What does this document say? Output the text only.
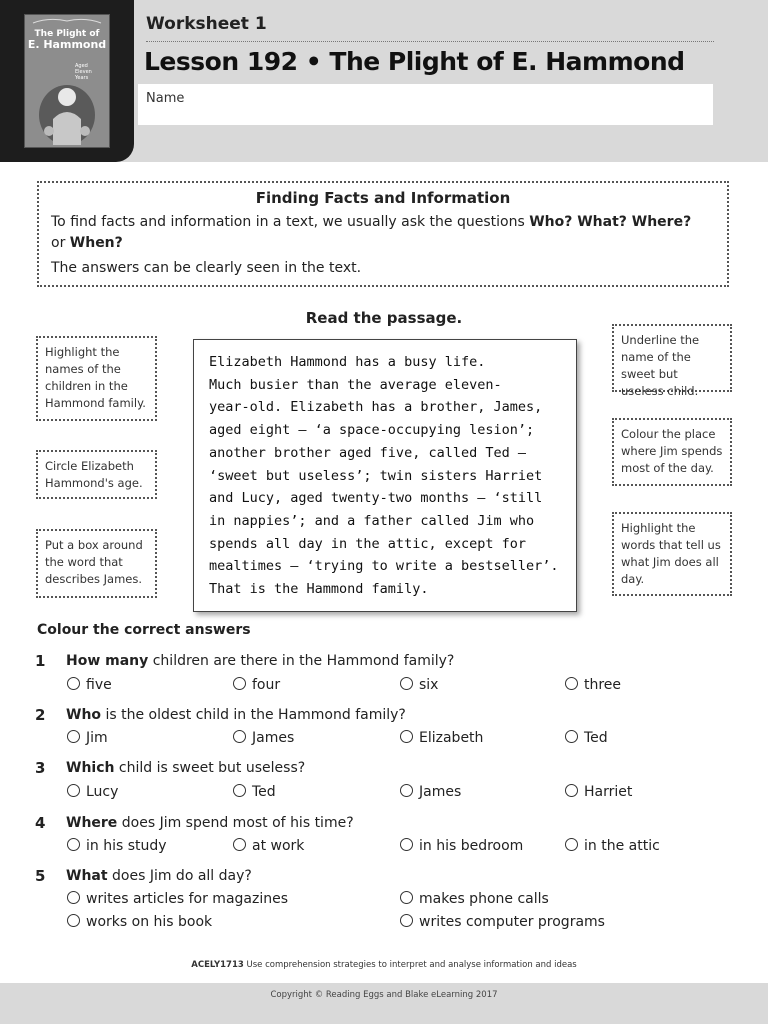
The Plight of
E. Hammond
Aged Eleven Years
Worksheet 1
Lesson 192 • The Plight of E. Hammond
Name
Finding Facts and Information
To find facts and information in a text, we usually ask the questions Who? What? Where?
or When?
The answers can be clearly seen in the text.
Read the passage.
Highlight the names of the children in the Hammond family.
Circle Elizabeth Hammond's age.
Put a box around the word that describes James.
Underline the name of the sweet but useless child.
Colour the place where Jim spends most of the day.
Highlight the words that tell us what Jim does all day.
Elizabeth Hammond has a busy life.
Much busier than the average eleven-
year-old. Elizabeth has a brother, James,
aged eight — ‘a space-occupying lesion’;
another brother aged five, called Ted —
‘sweet but useless’; twin sisters Harriet
and Lucy, aged twenty-two months — ‘still
in nappies’; and a father called Jim who
spends all day in the attic, except for
mealtimes — ‘trying to write a bestseller’.
That is the Hammond family.
Colour the correct answers
1 How many children are there in the Hammond family?
five	four	six	three
2 Who is the oldest child in the Hammond family?
Jim	James	Elizabeth	Ted
3 Which child is sweet but useless?
Lucy	Ted	James	Harriet
4 Where does Jim spend most of his time?
in his study	at work	in his bedroom	in the attic
5 What does Jim do all day?
writes articles for magazines	makes phone calls
works on his book	writes computer programs
ACELY1713 Use comprehension strategies to interpret and analyse information and ideas
Copyright © Reading Eggs and Blake eLearning 2017
